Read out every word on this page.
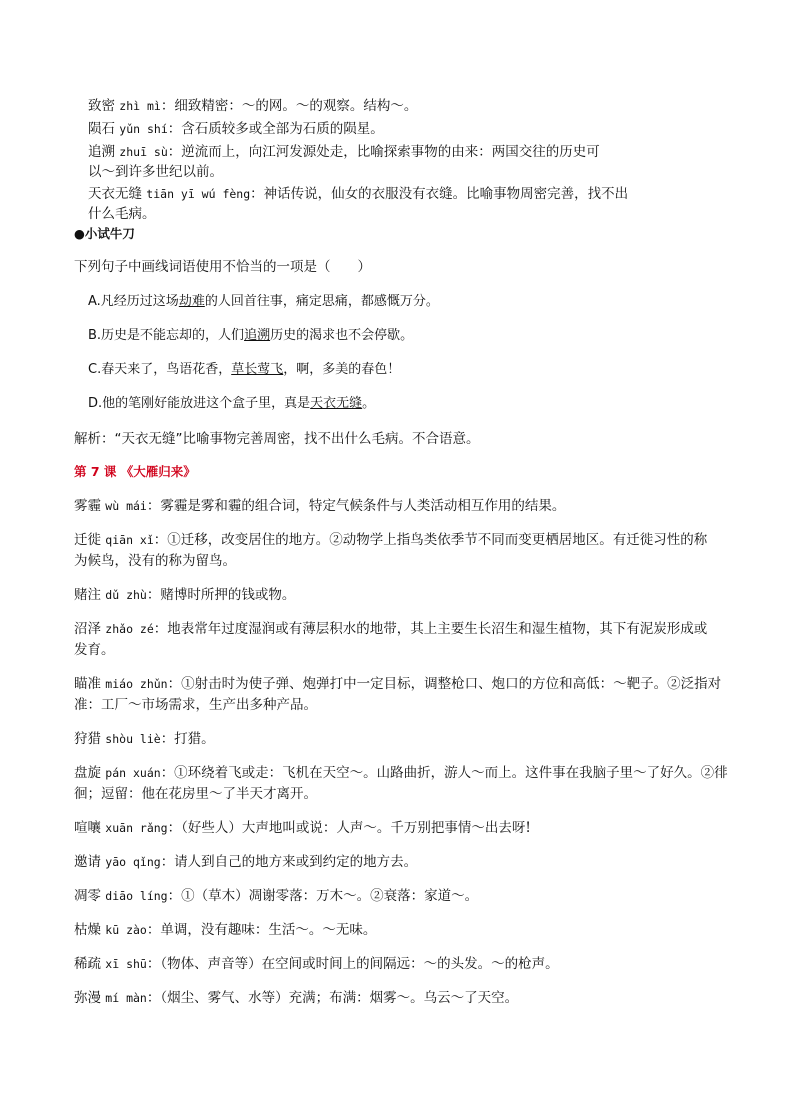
致密 zhì mì：细致精密：～的网。～的观察。结构～。
陨石 yǔn shí：含石质较多或全部为石质的陨星。
追溯 zhuī sù：逆流而上，向江河发源处走，比喻探索事物的由来：两国交往的历史可
以～到许多世纪以前。
天衣无缝 tiān yī wú fèng：神话传说，仙女的衣服没有衣缝。比喻事物周密完善，找不出
什么毛病。
●小试牛刀
下列句子中画线词语使用不恰当的一项是（　　）
A.凡经历过这场劫难的人回首往事，痛定思痛，都感慨万分。
B.历史是不能忘却的，人们追溯历史的渴求也不会停歇。
C.春天来了，鸟语花香，草长莺飞，啊，多美的春色！
D.他的笔刚好能放进这个盒子里，真是天衣无缝。
解析：“天衣无缝”比喻事物完善周密，找不出什么毛病。不合语意。
第 7 课 《大雁归来》
雾霾 wù mái：雾霾是雾和霾的组合词，特定气候条件与人类活动相互作用的结果。
迁徙 qiān xǐ：①迁移，改变居住的地方。②动物学上指鸟类依季节不同而变更栖居地区。有迁徙习性的称
为候鸟，没有的称为留鸟。
赌注 dǔ zhù：赌博时所押的钱或物。
沼泽 zhǎo zé：地表常年过度湿润或有薄层积水的地带，其上主要生长沼生和湿生植物，其下有泥炭形成或
发育。
瞄准 miáo zhǔn：①射击时为使子弹、炮弹打中一定目标，调整枪口、炮口的方位和高低：～靶子。②泛指对
准：工厂～市场需求，生产出多种产品。
狩猎 shòu liè：打猎。
盘旋 pán xuán：①环绕着飞或走：飞机在天空～。山路曲折，游人～而上。这件事在我脑子里～了好久。②徘
徊；逗留：他在花房里～了半天才离开。
喧嚷 xuān rǎng：（好些人）大声地叫或说：人声～。千万别把事情～出去呀!
邀请 yāo qǐng：请人到自己的地方来或到约定的地方去。
凋零 diāo líng：①（草木）凋谢零落：万木～。②衰落：家道～。
枯燥 kū zào：单调，没有趣味：生活～。～无味。
稀疏 xī shū：（物体、声音等）在空间或时间上的间隔远：～的头发。～的枪声。
弥漫 mí màn：（烟尘、雾气、水等）充满；布满：烟雾～。乌云～了天空。
